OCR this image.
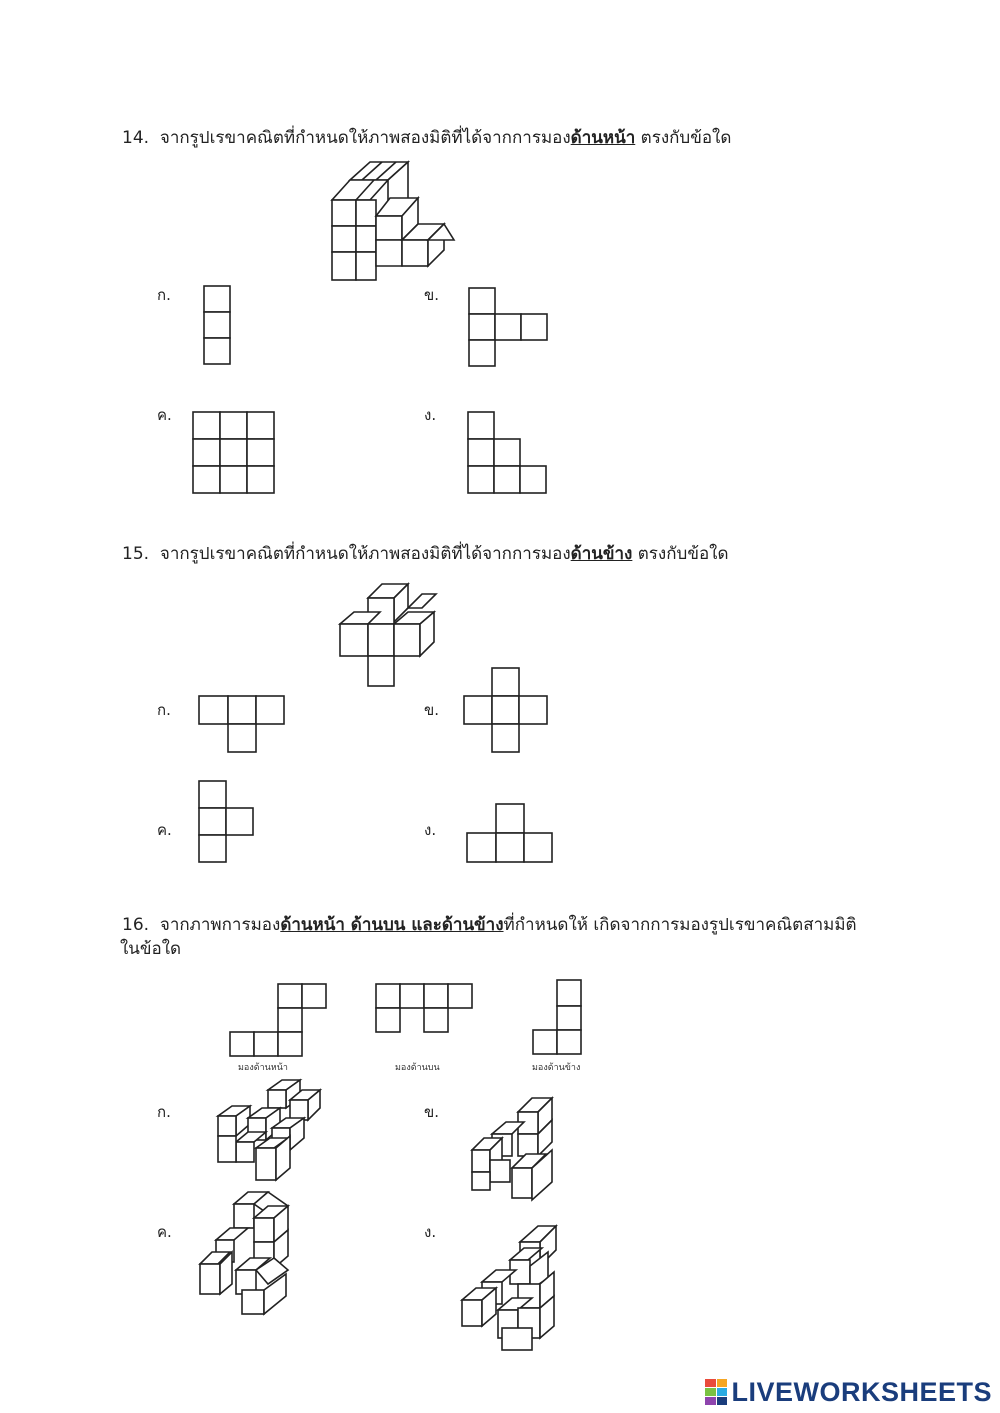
14. จากรูปเรขาคณิตที่กำหนดให้ภาพสองมิติที่ได้จากการมองด้านหน้า ตรงกับข้อใด
ก.	ข.
ค.	ง.
15. จากรูปเรขาคณิตที่กำหนดให้ภาพสองมิติที่ได้จากการมองด้านข้าง ตรงกับข้อใด
ก.	ข.
ค.	ง.
16. จากภาพการมองด้านหน้า ด้านบน และด้านข้างที่กำหนดให้ เกิดจากการมองรูปเรขาคณิตสามมิติ
ในข้อใด
มองด้านหน้า	มองด้านบน	มองด้านข้าง
ก.	ข.
ค.	ง.
LIVEWORKSHEETS
